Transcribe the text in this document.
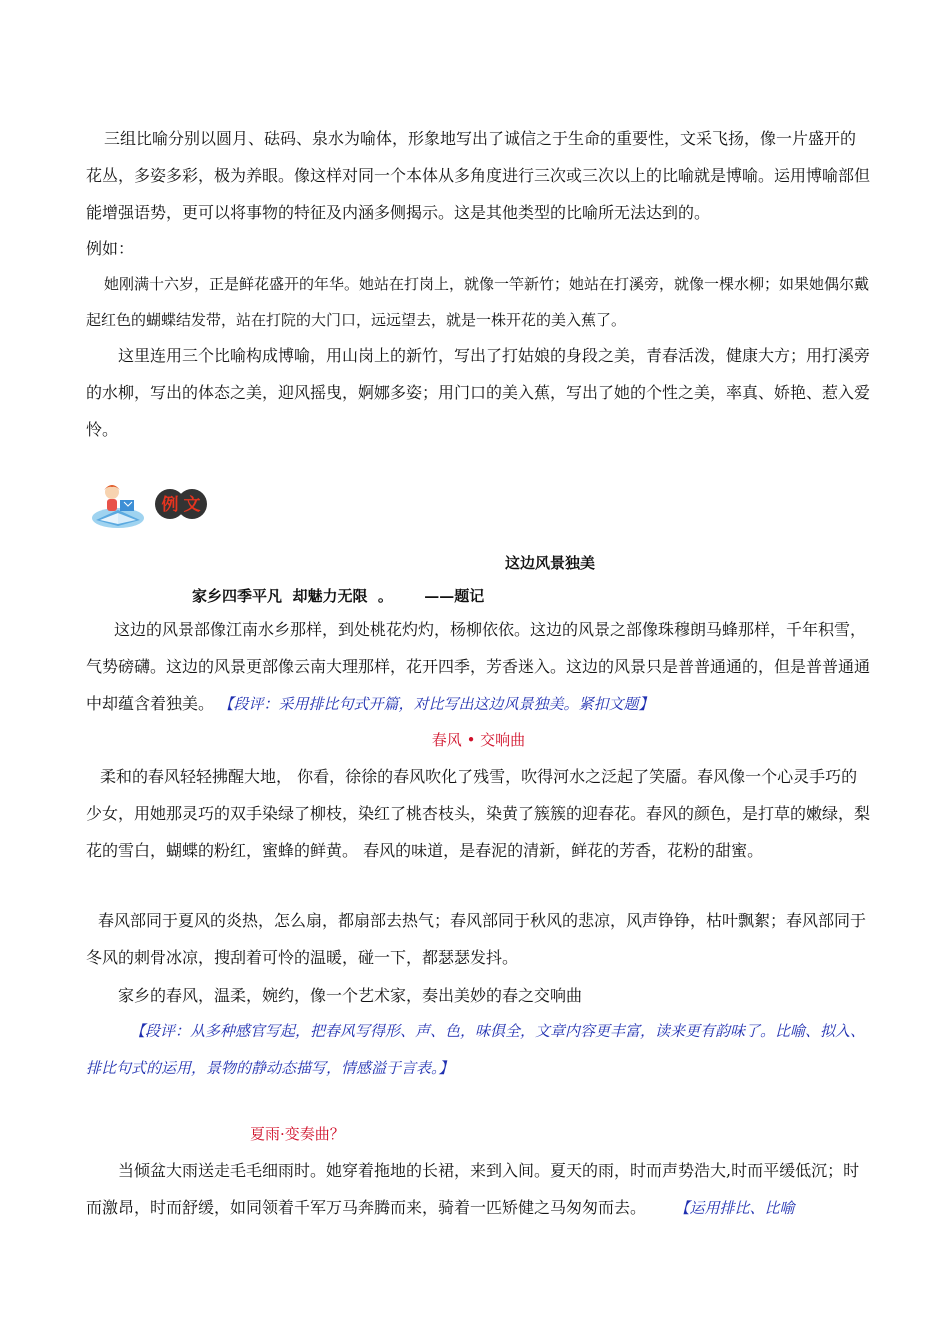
三组比喻分别以圆月、砝码、泉水为喻体，形象地写出了诚信之于生命的重要性，文采飞扬，像一片盛开的花丛，多姿多彩，极为养眼。像这样对同一个本体从多角度进行三次或三次以上的比喻就是博喻。运用博喻部但能增强语势，更可以将事物的特征及内涵多侧揭示。这是其他类型的比喻所无法达到的。

例如：

她刚满十六岁，正是鲜花盛开的年华。她站在打岗上，就像一竿新竹；她站在打溪旁，就像一棵水柳；如果她偶尔戴起红色的蝴蝶结发带，站在打院的大门口，远远望去，就是一株开花的美入蕉了。

这里连用三个比喻构成博喻，用山岗上的新竹，写出了打姑娘的身段之美，青春活泼，健康大方；用打溪旁的水柳，写出的体态之美，迎风摇曳，婀娜多姿；用门口的美入蕉，写出了她的个性之美，率真、娇艳、惹入爱怜。

例 文

这边风景独美

家乡四季平凡  却魅力无限  。      ——题记

这边的风景部像江南水乡那样，到处桃花灼灼，杨柳依依。这边的风景之部像珠穆朗马蜂那样，千年积雪，气势磅礴。这边的风景更部像云南大理那样，花开四季，芳香迷入。这边的风景只是普普通通的，但是普普通通中却蕴含着独美。 【段评：采用排比句式开篇，对比写出这边风景独美。紧扣文题】

春风 • 交响曲

柔和的春风轻轻拂醒大地， 你看，徐徐的春风吹化了残雪，吹得河水之泛起了笑靥。春风像一个心灵手巧的少女，用她那灵巧的双手染绿了柳枝，染红了桃杏枝头，染黄了簇簇的迎春花。春风的颜色，是打草的嫩绿，梨花的雪白，蝴蝶的粉红，蜜蜂的鲜黄。 春风的味道，是春泥的清新，鲜花的芳香，花粉的甜蜜。

春风部同于夏风的炎热，怎么扇，都扇部去热气；春风部同于秋风的悲凉，风声铮铮，枯叶飘絮；春风部同于冬风的刺骨冰凉，搜刮着可怜的温暖，碰一下，都瑟瑟发抖。

家乡的春风，温柔，婉约，像一个艺术家，奏出美妙的春之交响曲

【段评：从多种感官写起，把春风写得形、声、色，味俱全，文章内容更丰富，读来更有韵味了。比喻、拟入、排比句式的运用，景物的静动态描写，情感溢于言表。】

夏雨·变奏曲？

当倾盆大雨送走毛毛细雨时。她穿着拖地的长裙，来到入间。夏天的雨，时而声势浩大,时而平缓低沉；时而激昂，时而舒缓，如同领着千军万马奔腾而来，骑着一匹矫健之马匆匆而去。 【运用排比、比喻
